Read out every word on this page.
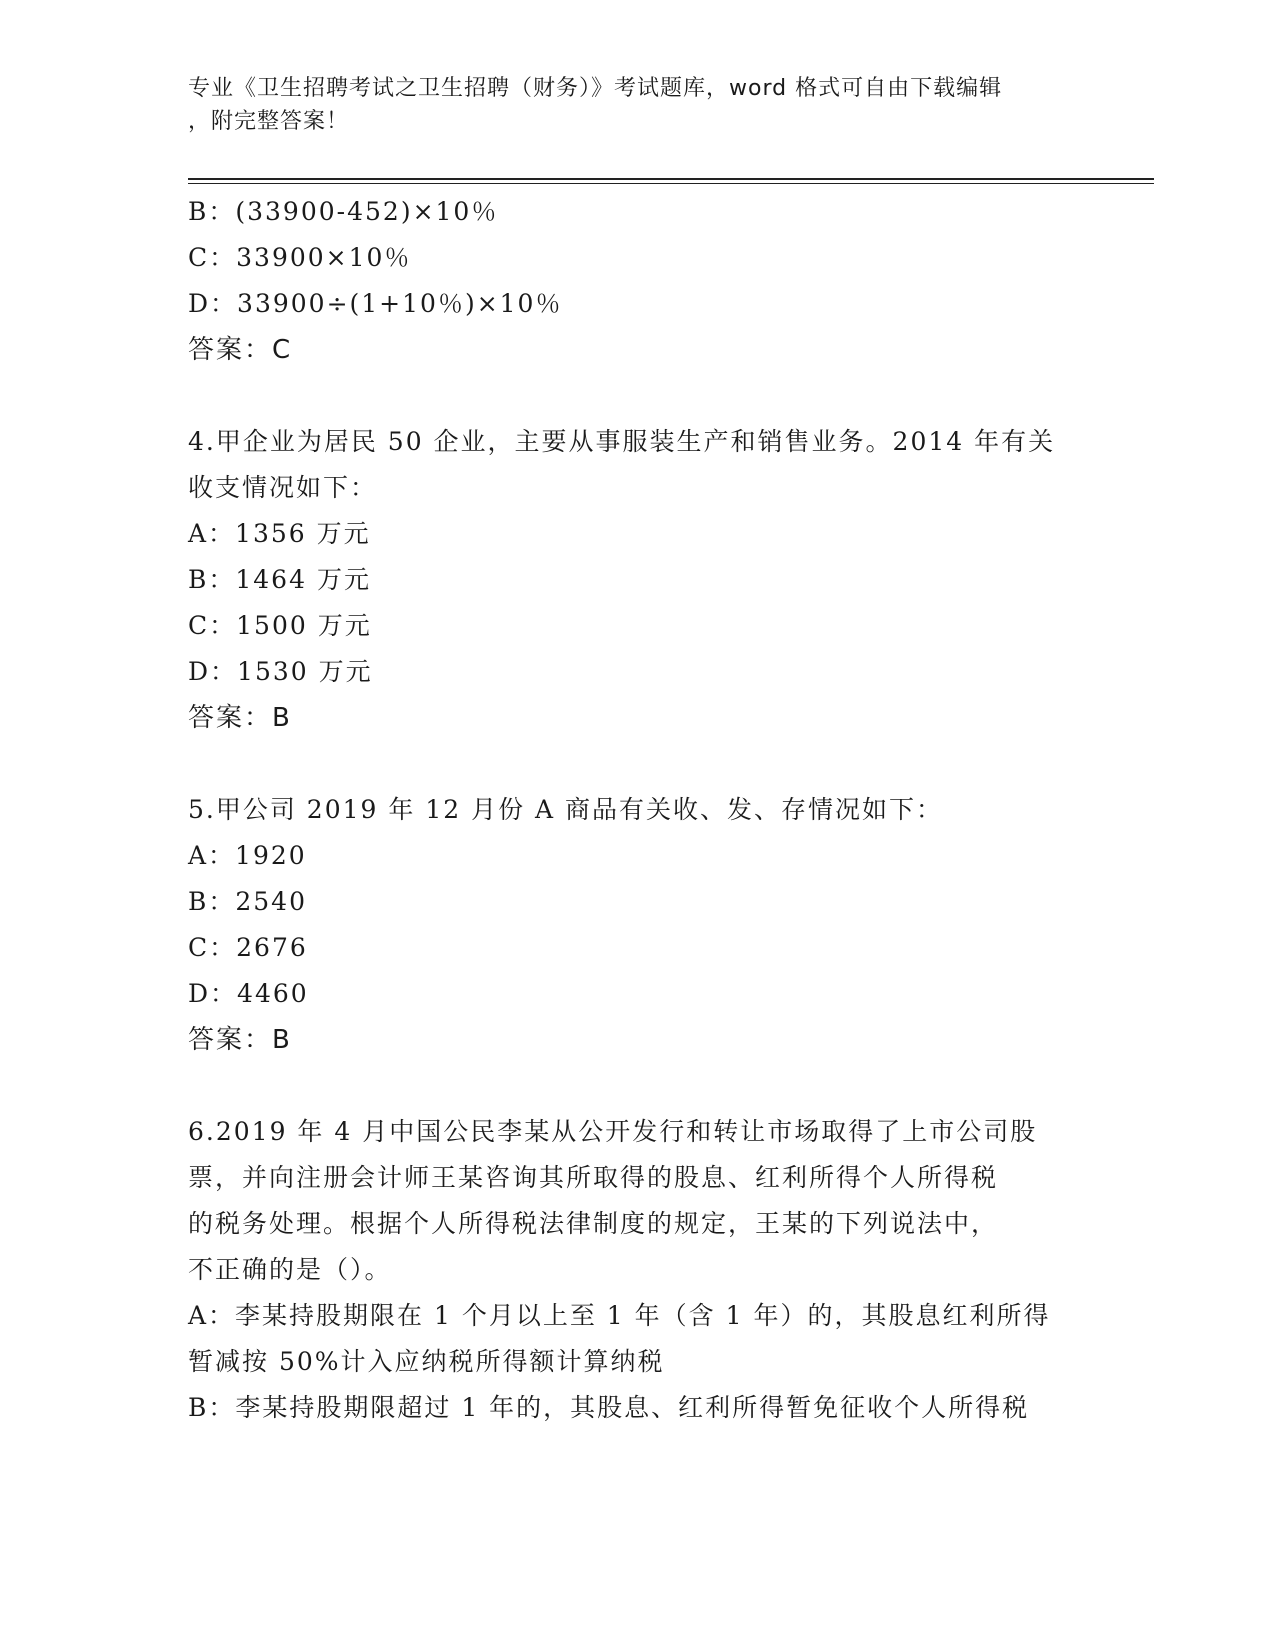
专业《卫生招聘考试之卫生招聘（财务）》考试题库，word 格式可自由下载编辑
，附完整答案！
B：(33900-452)×10％
C：33900×10％
D：33900÷(1+10％)×10％
答案：C
4.甲企业为居民 50 企业，主要从事服装生产和销售业务。2014 年有关
收支情况如下：
A：1356 万元
B：1464 万元
C：1500 万元
D：1530 万元
答案：B
5.甲公司 2019 年 12 月份 A 商品有关收、发、存情况如下：
A：1920
B：2540
C：2676
D：4460
答案：B
6.2019 年 4 月中国公民李某从公开发行和转让市场取得了上市公司股
票，并向注册会计师王某咨询其所取得的股息、红利所得个人所得税
的税务处理。根据个人所得税法律制度的规定，王某的下列说法中，
不正确的是（）。
A：李某持股期限在 1 个月以上至 1 年（含 1 年）的，其股息红利所得
暂减按 50%计入应纳税所得额计算纳税
B：李某持股期限超过 1 年的，其股息、红利所得暂免征收个人所得税
